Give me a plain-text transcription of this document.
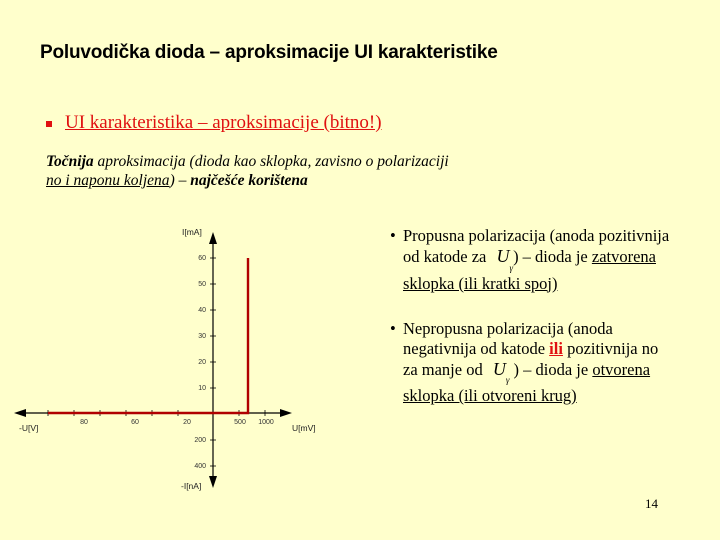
Poluvodička dioda – aproksimacije UI karakteristike
UI karakteristika – aproksimacije (bitno!)
Točnija aproksimacija (dioda kao sklopka, zavisno o polarizaciji
no i naponu koljena) – najčešće korištena
60
50
40
30
20
10
200
400
80	60	20	500 1000
I[mA]
-I[nA]
-U[V]	U[mV]
• Propusna polarizacija (anoda pozitivnija od katode za $U_\gamma$) – dioda je zatvorena sklopka (ili kratki spoj)
• Nepropusna polarizacija (anoda negativnija od katode ili pozitivnija no za manje od $U_\gamma$ ) – dioda je otvorena sklopka (ili otvoreni krug)
14
